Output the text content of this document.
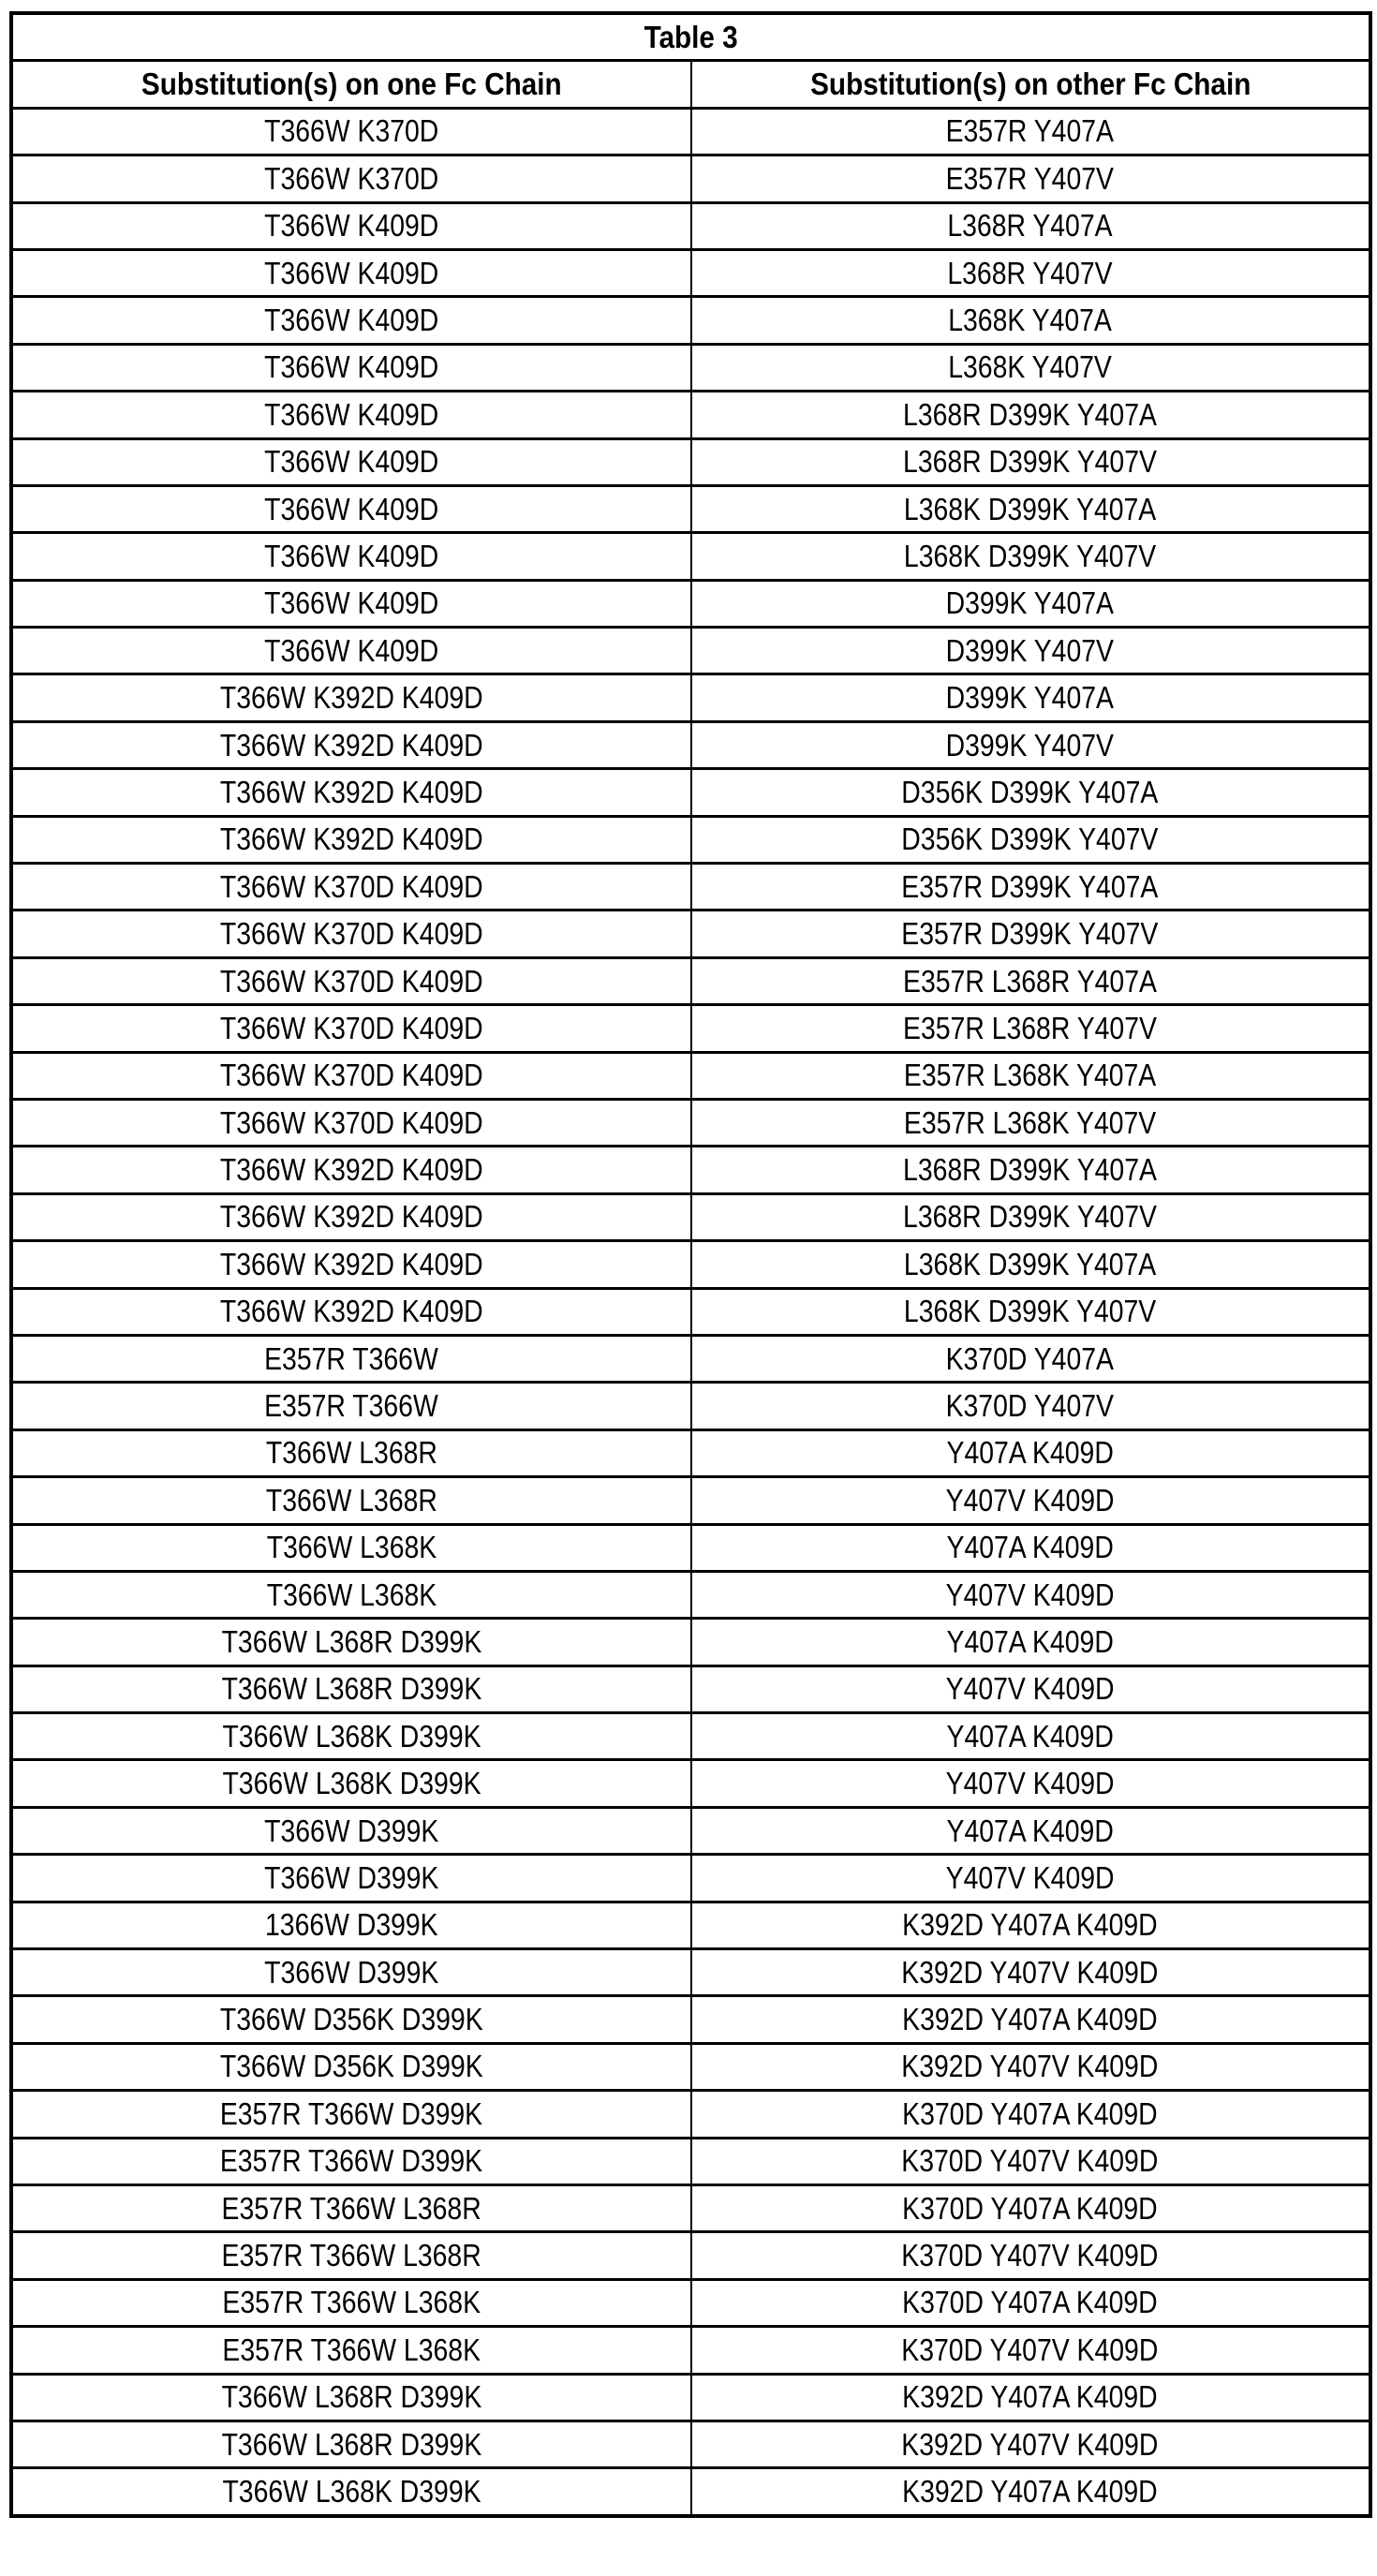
Table 3
Substitution(s) on one Fc Chain	Substitution(s) on other Fc Chain
T366W K370D	E357R Y407A
T366W K370D	E357R Y407V
T366W K409D	L368R Y407A
T366W K409D	L368R Y407V
T366W K409D	L368K Y407A
T366W K409D	L368K Y407V
T366W K409D	L368R D399K Y407A
T366W K409D	L368R D399K Y407V
T366W K409D	L368K D399K Y407A
T366W K409D	L368K D399K Y407V
T366W K409D	D399K Y407A
T366W K409D	D399K Y407V
T366W K392D K409D	D399K Y407A
T366W K392D K409D	D399K Y407V
T366W K392D K409D	D356K D399K Y407A
T366W K392D K409D	D356K D399K Y407V
T366W K370D K409D	E357R D399K Y407A
T366W K370D K409D	E357R D399K Y407V
T366W K370D K409D	E357R L368R Y407A
T366W K370D K409D	E357R L368R Y407V
T366W K370D K409D	E357R L368K Y407A
T366W K370D K409D	E357R L368K Y407V
T366W K392D K409D	L368R D399K Y407A
T366W K392D K409D	L368R D399K Y407V
T366W K392D K409D	L368K D399K Y407A
T366W K392D K409D	L368K D399K Y407V
E357R T366W	K370D Y407A
E357R T366W	K370D Y407V
T366W L368R	Y407A K409D
T366W L368R	Y407V K409D
T366W L368K	Y407A K409D
T366W L368K	Y407V K409D
T366W L368R D399K	Y407A K409D
T366W L368R D399K	Y407V K409D
T366W L368K D399K	Y407A K409D
T366W L368K D399K	Y407V K409D
T366W D399K	Y407A K409D
T366W D399K	Y407V K409D
1366W D399K	K392D Y407A K409D
T366W D399K	K392D Y407V K409D
T366W D356K D399K	K392D Y407A K409D
T366W D356K D399K	K392D Y407V K409D
E357R T366W D399K	K370D Y407A K409D
E357R T366W D399K	K370D Y407V K409D
E357R T366W L368R	K370D Y407A K409D
E357R T366W L368R	K370D Y407V K409D
E357R T366W L368K	K370D Y407A K409D
E357R T366W L368K	K370D Y407V K409D
T366W L368R D399K	K392D Y407A K409D
T366W L368R D399K	K392D Y407V K409D
T366W L368K D399K	K392D Y407A K409D
